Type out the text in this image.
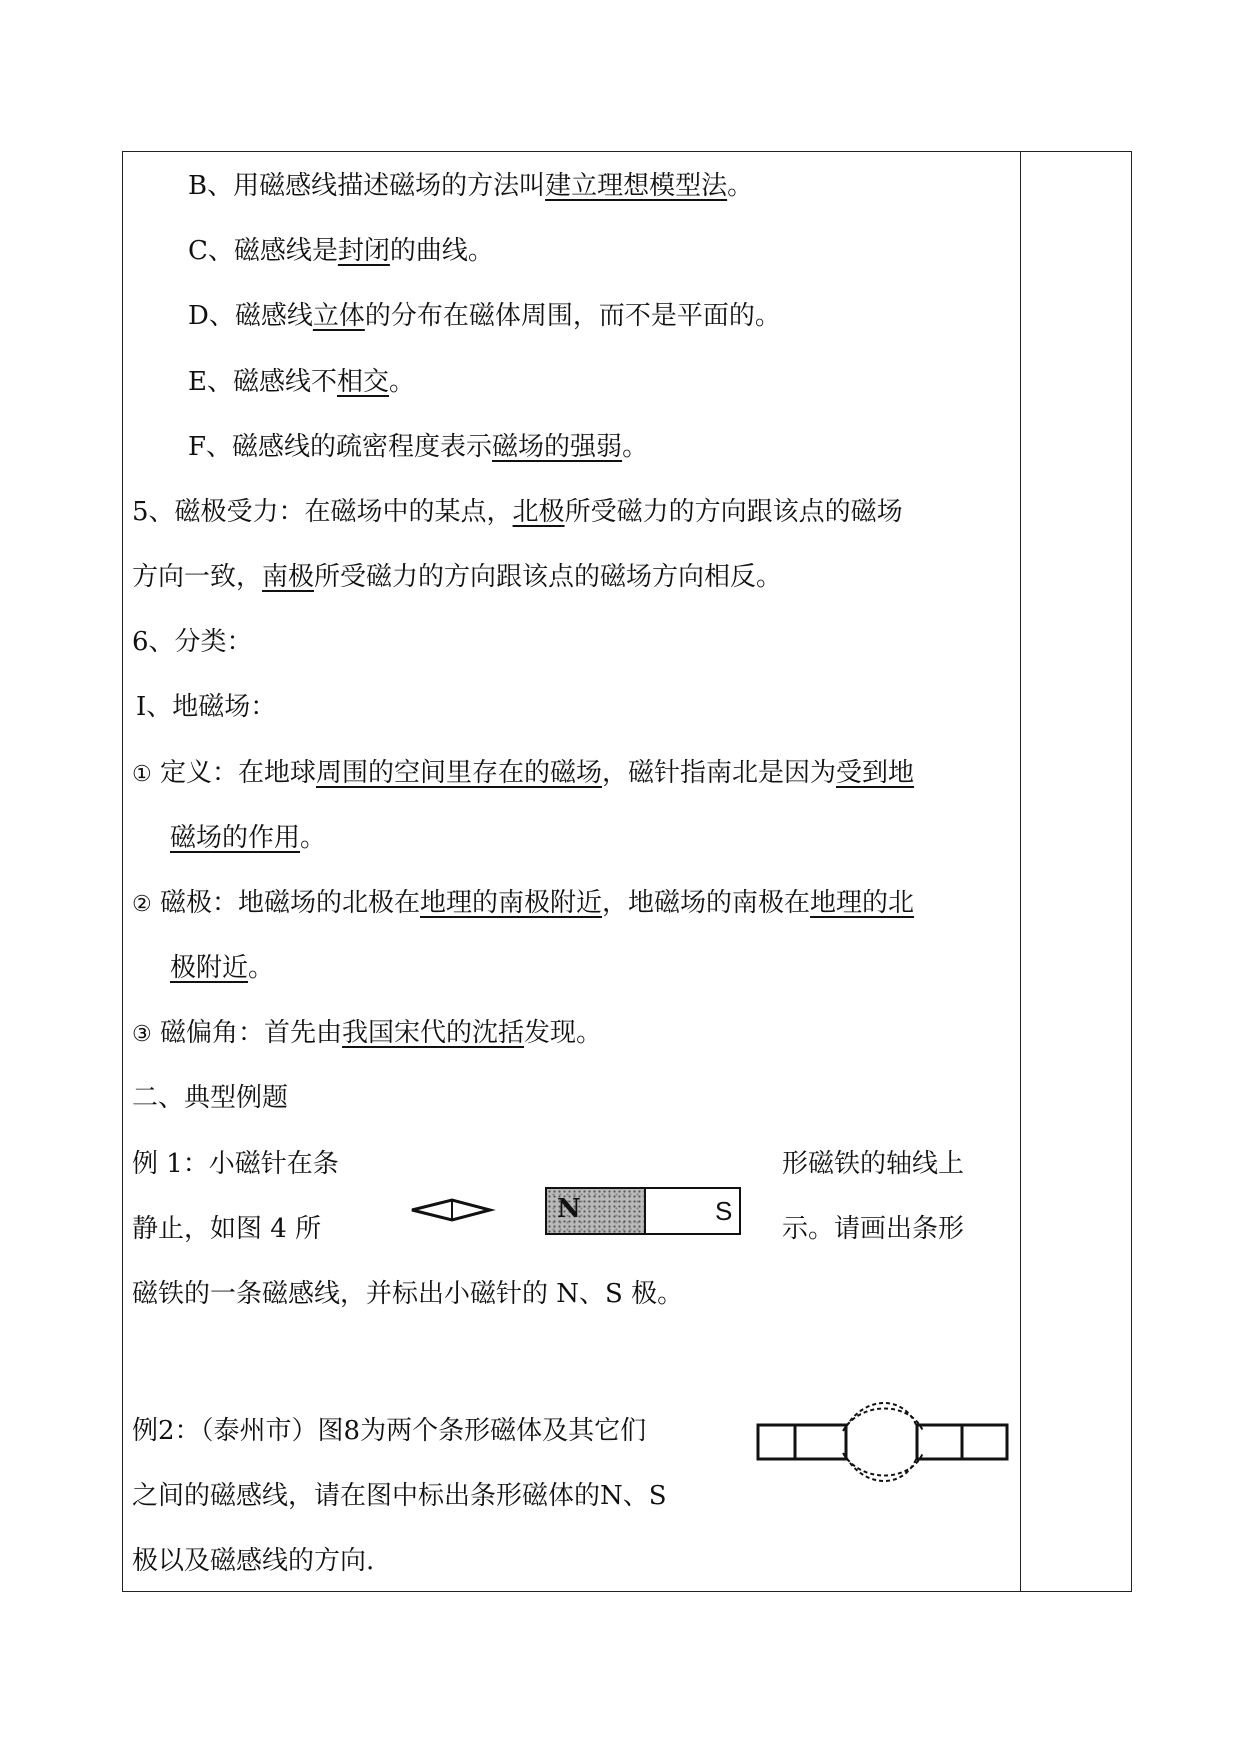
B、用磁感线描述磁场的方法叫建立理想模型法。
C、磁感线是封闭的曲线。
D、磁感线立体的分布在磁体周围，而不是平面的。
E、磁感线不相交。
F、磁感线的疏密程度表示磁场的强弱。
5、磁极受力：在磁场中的某点，北极所受磁力的方向跟该点的磁场
方向一致，南极所受磁力的方向跟该点的磁场方向相反。
6、分类：
Ⅰ、地磁场：
① 定义：在地球周围的空间里存在的磁场，磁针指南北是因为受到地
磁场的作用。
② 磁极：地磁场的北极在地理的南极附近，地磁场的南极在地理的北
极附近。
③ 磁偏角：首先由我国宋代的沈括发现。
二、典型例题
例 1：小磁针在条	形磁铁的轴线上
静止，如图 4 所	示。请画出条形
磁铁的一条磁感线，并标出小磁针的 N、S 极。
N	S
例2：（泰州市）图8为两个条形磁体及其它们
之间的磁感线，请在图中标出条形磁体的N、S
极以及磁感线的方向.
